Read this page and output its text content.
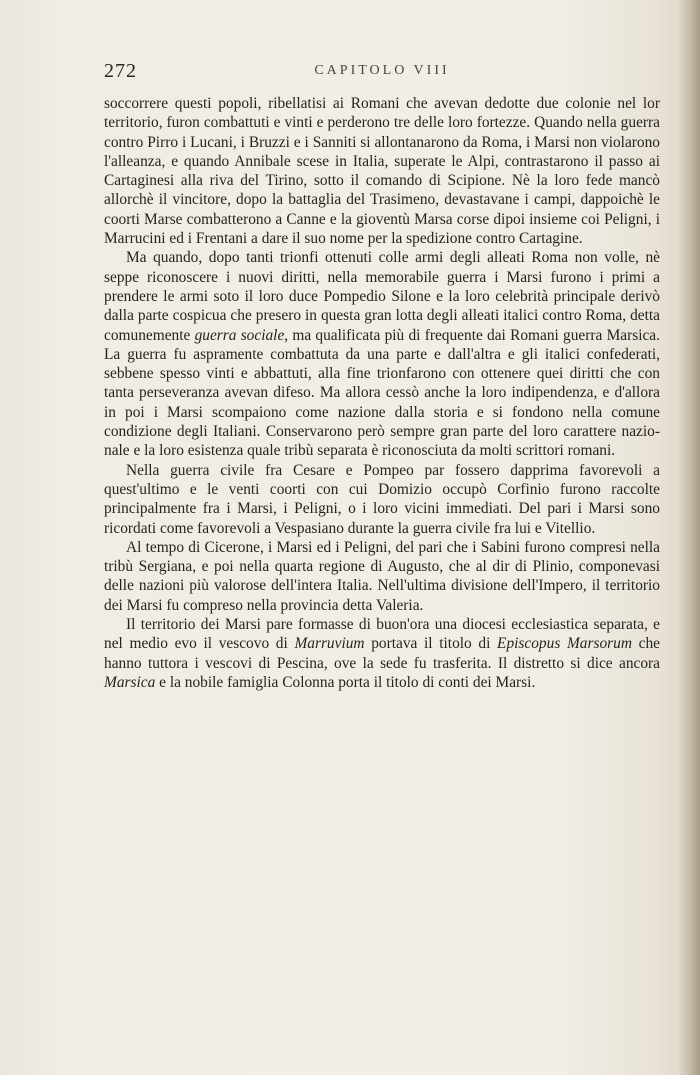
272	CAPITOLO VIII

soccorrere questi popoli, ribellatisi ai Romani che avevan dedotte due colonie nel lor territorio, furon combattuti e vinti e perderono tre delle loro fortezze. Quando nella guerra contro Pirro i Lucani, i Bruzzi e i Sanniti si allontanarono da Roma, i Marsi non violarono l'alleanza, e quando Annibale scese in Italia, superate le Alpi, contrastarono il passo ai Cartaginesi alla riva del Tirino, sotto il comando di Scipione. Nè la loro fede mancò allorchè il vincitore, dopo la battaglia del Trasimeno, devastavane i campi, dappoichè le coorti Marse combatterono a Canne e la gioventù Marsa corse dipoi insieme coi Peligni, i Marrucini ed i Frentani a dare il suo nome per la spedizione contro Cartagine.

Ma quando, dopo tanti trionfi ottenuti colle armi degli alleati Roma non volle, nè seppe riconoscere i nuovi diritti, nella memorabile guerra i Marsi furono i primi a prendere le armi soto il loro duce Pompedio Silone e la loro celebrità principale derivò dalla parte cospicua che presero in questa gran lotta degli alleati italici contro Roma, detta comunemente guerra sociale, ma qualificata più di frequente dai Romani guerra Marsica. La guerra fu aspramente combattuta da una parte e dall'altra e gli italici confederati, sebbene spesso vinti e abbattuti, alla fine trionfarono con ottenere quei diritti che con tanta perseveranza avevan difeso. Ma allora cessò anche la loro indipendenza, e d'allora in poi i Marsi scompaiono come nazione dalla storia e si fondono nella comune condizione degli Italiani. Conservarono però sempre gran parte del loro carattere nazionale e la loro esistenza quale tribù separata è riconosciuta da molti scrittori romani.

Nella guerra civile fra Cesare e Pompeo par fossero dapprima favorevoli a quest'ultimo e le venti coorti con cui Domizio occupò Corfinio furono raccolte principalmente fra i Marsi, i Peligni, o i loro vicini immediati. Del pari i Marsi sono ricordati come favorevoli a Vespasiano durante la guerra civile fra lui e Vitellio.

Al tempo di Cicerone, i Marsi ed i Peligni, del pari che i Sabini furono compresi nella tribù Sergiana, e poi nella quarta regione di Augusto, che al dir di Plinio, componevasi delle nazioni più valorose dell'intera Italia. Nell'ultima divisione dell'Impero, il territorio dei Marsi fu compreso nella provincia detta Valeria.

Il territorio dei Marsi pare formasse di buon'ora una diocesi ecclesiastica separata, e nel medio evo il vescovo di Marruvium portava il titolo di Episcopus Marsorum che hanno tuttora i vescovi di Pescina, ove la sede fu trasferita. Il distretto si dice ancora Marsica e la nobile famiglia Colonna porta il titolo di conti dei Marsi.
